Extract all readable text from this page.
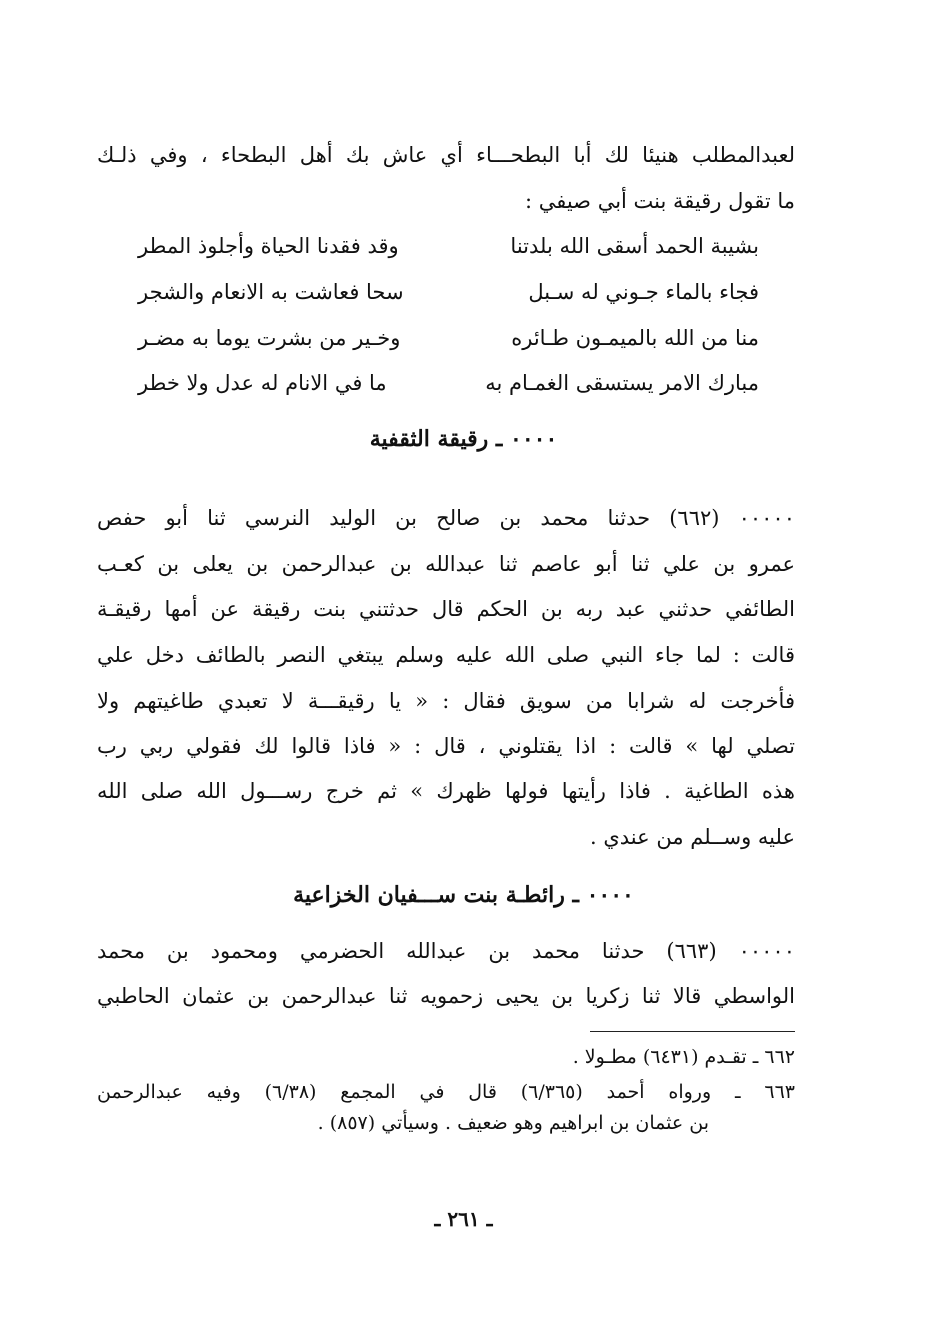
لعبدالمطلب هنيئا لك أبا البطحـــاء أي عاش بك أهل البطحاء ، وفي ذلـك
ما تقول رقيقة بنت أبي صيفي :
بشيبة الحمد أسقى الله بلدتنا
وقد فقدنا الحياة وأجلوذ المطر
فجاء بالماء جـوني له سـبل
سحا فعاشت به الانعام والشجر
منا من الله بالميمـون طـائره
وخـير من بشرت يوما به مضـر
مبارك الامر يستسقى الغمـام به
ما في الانام له عدل ولا خطر
٠٠٠٠ ـ رقيقة الثقفية
٠٠٠٠٠ (٦٦٢) حدثنا محمد بن صالح بن الوليد النرسي ثنا أبو حفص
عمرو بن علي ثنا أبو عاصم ثنا عبدالله بن عبدالرحمن بن يعلى بن كعـب
الطائفي حدثني عبد ربه بن الحكم قال حدثتني بنت رقيقة عن أمها رقيقـة
قالت : لما جاء النبي صلى الله عليه وسلم يبتغي النصر بالطائف دخل علي
فأخرجت له شرابا من سويق فقال : « يا رقيقـــة لا تعبدي طاغيتهم ولا
تصلي لها » قالت : اذا يقتلوني ، قال : « فاذا قالوا لك فقولي ربي رب
هذه الطاغية . فاذا رأيتها فولها ظهرك » ثم خرج رســـول الله صلى الله
عليه وســلم من عندي .
٠٠٠٠ ـ رائطـة بنت ســـفيان الخزاعية
٠٠٠٠٠ (٦٦٣) حدثنا محمد بن عبدالله الحضرمي ومحمود بن محمد
الواسطي قالا ثنا زكريا بن يحيى زحمويه ثنا عبدالرحمن بن عثمان الحاطبي
٦٦٢ ـ تقـدم (٦٤٣١) مطـولا .
٦٦٣ ـ ورواه أحمد (٦/٣٦٥) قال في المجمع (٦/٣٨) وفيه عبدالرحمن
بن عثمان بن ابراهيم وهو ضعيف . وسيأتي (٨٥٧) .
ـ ٢٦١ ـ
